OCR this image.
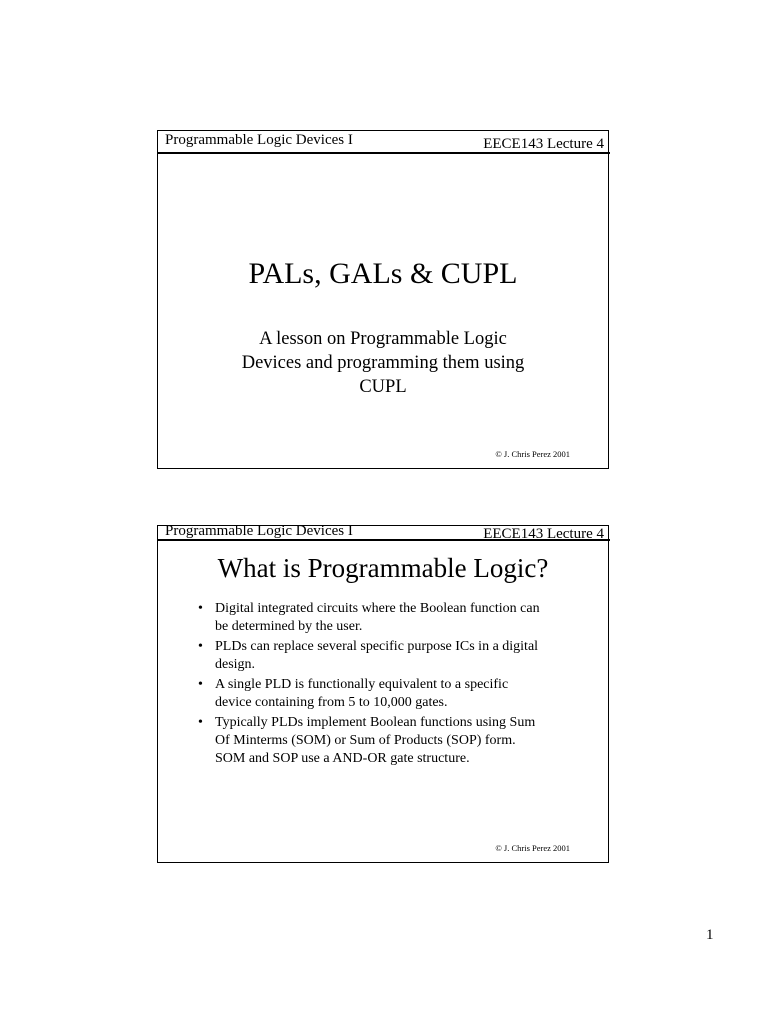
Programmable Logic Devices I	EECE143 Lecture 4
PALs, GALs & CUPL
A lesson on Programmable Logic
Devices and programming them using
CUPL
© J. Chris Perez 2001
Programmable Logic Devices I	EECE143 Lecture 4
What is Programmable Logic?
• Digital integrated circuits where the Boolean function can
be determined by the user.
• PLDs can replace several specific purpose ICs in a digital
design.
• A single PLD is functionally equivalent to a specific
device containing from 5 to 10,000 gates.
• Typically PLDs implement Boolean functions using Sum
Of Minterms (SOM) or Sum of Products (SOP) form.
SOM and SOP use a AND-OR gate structure.
© J. Chris Perez 2001
1
